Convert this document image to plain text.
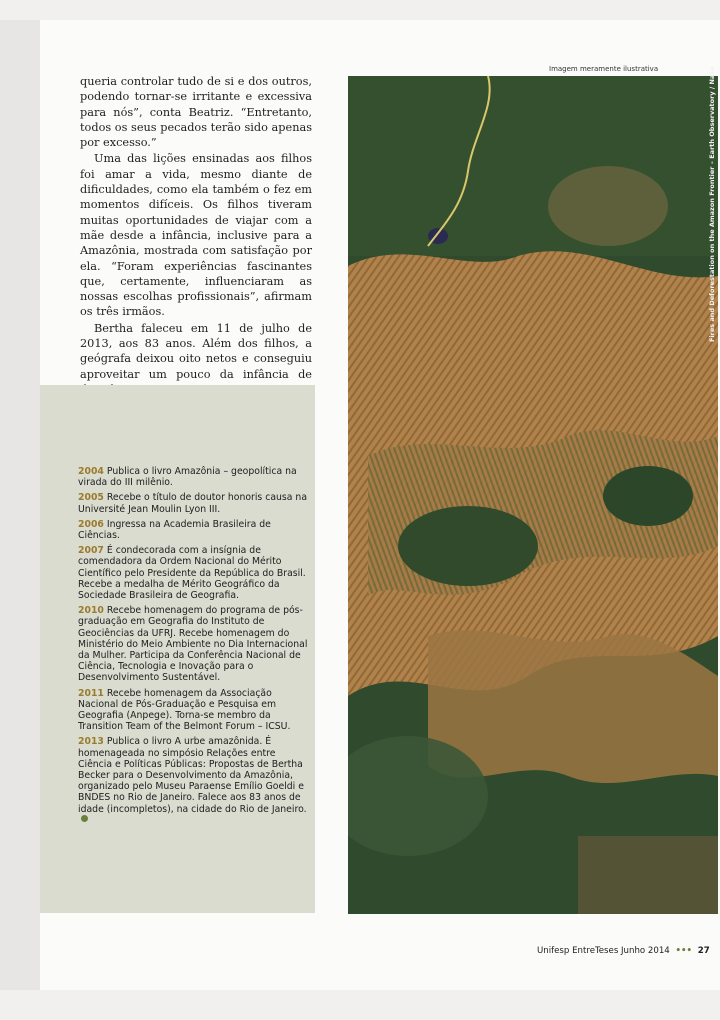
queria controlar tudo de si e dos outros, podendo tornar-se irritante e excessiva para nós”, conta Beatriz. “Entretanto, todos os seus pecados terão sido apenas por excesso.”

Uma das lições ensinadas aos filhos foi amar a vida, mesmo diante de dificuldades, como ela também o fez em momentos difíceis. Os filhos tiveram muitas oportunidades de viajar com a mãe desde a infância, inclusive para a Amazônia, mostrada com satisfação por ela. “Foram experiências fascinantes que, certamente, influenciaram as nossas escolhas profissionais”, afirmam os três irmãos.

Bertha faleceu em 11 de julho de 2013, aos 83 anos. Além dos filhos, a geógrafa deixou oito netos e conseguiu aproveitar um pouco da infância de

2004 Publica o livro Amazônia – geopolítica na virada do III milênio.
2005 Recebe o título de doutor honoris causa na Université Jean Moulin Lyon III.
2006 Ingressa na Academia Brasileira de Ciências.
2007 É condecorada com a insígnia de comendadora da Ordem Nacional do Mérito Científico pelo Presidente da República do Brasil. Recebe a medalha de Mérito Geográfico da Sociedade Brasileira de Geografia.
2010 Recebe homenagem do programa de pós-graduação em Geografia do Instituto de Geociências da UFRJ. Recebe homenagem do Ministério do Meio Ambiente no Dia Internacional da Mulher. Participa da Conferência Nacional de Ciência, Tecnologia e Inovação para o Desenvolvimento Sustentável.
2011 Recebe homenagem da Associação Nacional de Pós-Graduação e Pesquisa em Geografia (Anpege). Torna-se membro da Transition Team of the Belmont Forum – ICSU.
2013 Publica o livro A urbe amazônida. É homenageada no simpósio Relações entre Ciência e Políticas Públicas: Propostas de Bertha Becker para o Desenvolvimento da Amazônia, organizado pelo Museu Paraense Emílio Goeldi e BNDES no Rio de Janeiro. Falece aos 83 anos de idade (incompletos), na cidade do Rio de Janeiro.
Imagem meramente ilustrativa	Fires and Deforestation on the Amazon Frontier – Earth Observatory / Nasa
Unifesp EntreTeses Junho 2014 ••• 27
